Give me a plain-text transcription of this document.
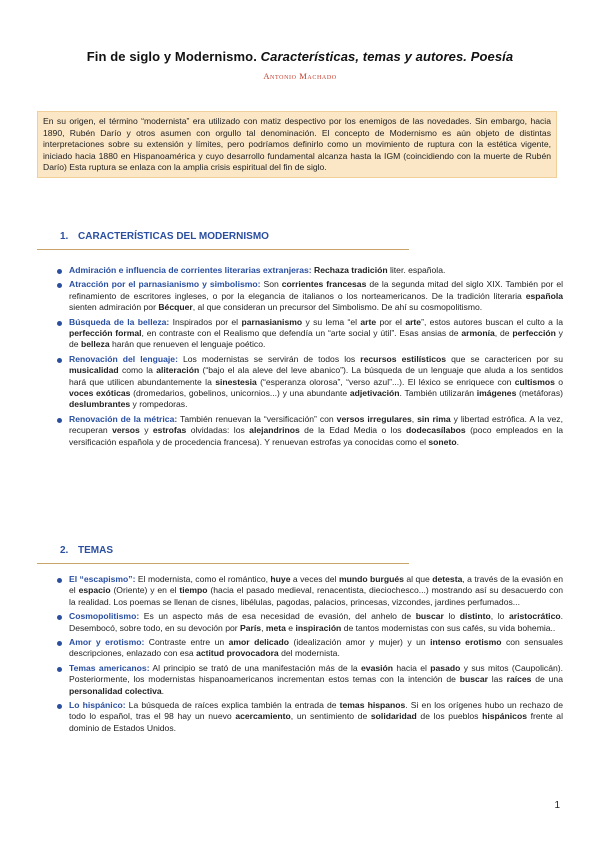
Fin de siglo y Modernismo. Características, temas y autores. Poesía
Antonio Machado
En su origen, el término “modernista” era utilizado con matiz despectivo por los enemigos de las novedades. Sin embargo, hacia 1890, Rubén Darío y otros asumen con orgullo tal denominación. El concepto de Modernismo es aún objeto de distintas interpretaciones sobre su extensión y límites, pero podríamos definirlo como un movimiento de ruptura con la estética vigente, iniciado hacia 1880 en Hispanoamérica y cuyo desarrollo fundamental alcanza hasta la IGM (coincidiendo con la muerte de Rubén Darío) Esta ruptura se enlaza con la amplia crisis espiritual del fin de siglo.
1. CARACTERÍSTICAS DEL MODERNISMO
Admiración e influencia de corrientes literarias extranjeras: Rechaza tradición liter. española.
Atracción por el parnasianismo y simbolismo: Son corrientes francesas de la segunda mitad del siglo XIX. También por el refinamiento de escritores ingleses, o por la elegancia de italianos o los norteamericanos. De la tradición literaria española sienten admiración por Bécquer, al que consideran un precursor del Simbolismo. De ahí su cosmopolitismo.
Búsqueda de la belleza: Inspirados por el parnasianismo y su lema “el arte por el arte”, estos autores buscan el culto a la perfección formal, en contraste con el Realismo que defendía un “arte social y útil”. Esas ansias de armonía, de perfección y de belleza harán que renueven el lenguaje poético.
Renovación del lenguaje: Los modernistas se servirán de todos los recursos estilísticos que se caractericen por su musicalidad como la aliteración (“bajo el ala aleve del leve abanico”). La búsqueda de un lenguaje que aluda a los sentidos hará que utilicen abundantemente la sinestesia (“esperanza olorosa”, “verso azul”...). El léxico se enriquece con cultismos o voces exóticas (dromedarios, gobelinos, unicornios...) y una abundante adjetivación. También utilizarán imágenes (metáforas) deslumbrantes y rompedoras.
Renovación de la métrica: También renuevan la “versificación” con versos irregulares, sin rima y libertad estrófica. A la vez, recuperan versos y estrofas olvidadas: los alejandrinos de la Edad Media o los dodecasílabos (poco empleados en la versificación española y de procedencia francesa). Y renuevan estrofas ya conocidas como el soneto.
2. TEMAS
El “escapismo”: El modernista, como el romántico, huye a veces del mundo burgués al que detesta, a través de la evasión en el espacio (Oriente) y en el tiempo (hacia el pasado medieval, renacentista, dieciochesco...) mostrando así su desacuerdo con la realidad. Los poemas se llenan de cisnes, libélulas, pagodas, palacios, princesas, vizcondes, jardines perfumados...
Cosmopolitismo: Es un aspecto más de esa necesidad de evasión, del anhelo de buscar lo distinto, lo aristocrático. Desembocó, sobre todo, en su devoción por París, meta e inspiración de tantos modernistas con sus cafés, su vida bohemia..
Amor y erotismo: Contraste entre un amor delicado (idealización amor y mujer) y un intenso erotismo con sensuales descripciones, enlazado con esa actitud provocadora del modernista.
Temas americanos: Al principio se trató de una manifestación más de la evasión hacia el pasado y sus mitos (Caupolicán). Posteriormente, los modernistas hispanoamericanos incrementan estos temas con la intención de buscar las raíces de una personalidad colectiva.
Lo hispánico: La búsqueda de raíces explica también la entrada de temas hispanos. Si en los orígenes hubo un rechazo de todo lo español, tras el 98 hay un nuevo acercamiento, un sentimiento de solidaridad de los pueblos hispánicos frente al dominio de Estados Unidos.
1
